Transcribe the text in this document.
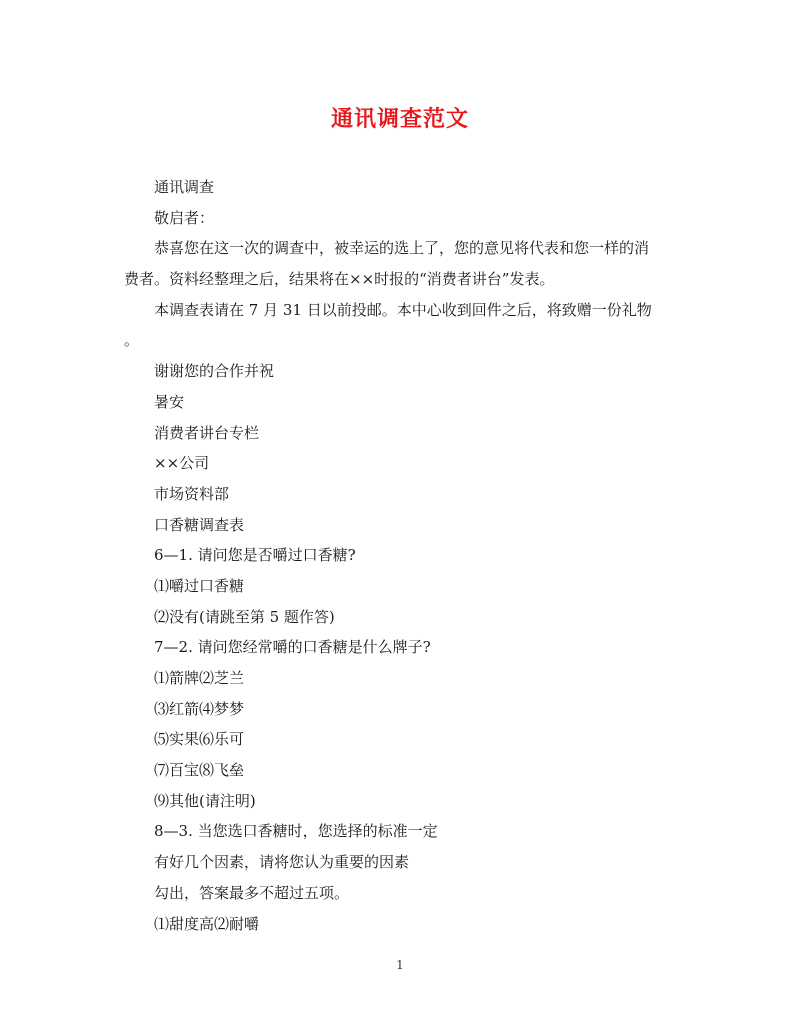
通讯调查范文
通讯调查
敬启者：
恭喜您在这一次的调查中，被幸运的选上了，您的意见将代表和您一样的消
费者。资料经整理之后，结果将在××时报的“消费者讲台”发表。
本调查表请在 7 月 31 日以前投邮。本中心收到回件之后，将致赠一份礼物
。
谢谢您的合作并祝
暑安
消费者讲台专栏
××公司
市场资料部
口香糖调查表
6—1. 请问您是否嚼过口香糖?
⑴嚼过口香糖
⑵没有(请跳至第 5 题作答)
7—2. 请问您经常嚼的口香糖是什么牌子?
⑴箭牌⑵芝兰
⑶红箭⑷梦梦
⑸实果⑹乐可
⑺百宝⑻飞垒
⑼其他(请注明)
8—3. 当您选口香糖时，您选择的标准一定
有好几个因素，请将您认为重要的因素
勾出，答案最多不超过五项。
⑴甜度高⑵耐嚼
1
